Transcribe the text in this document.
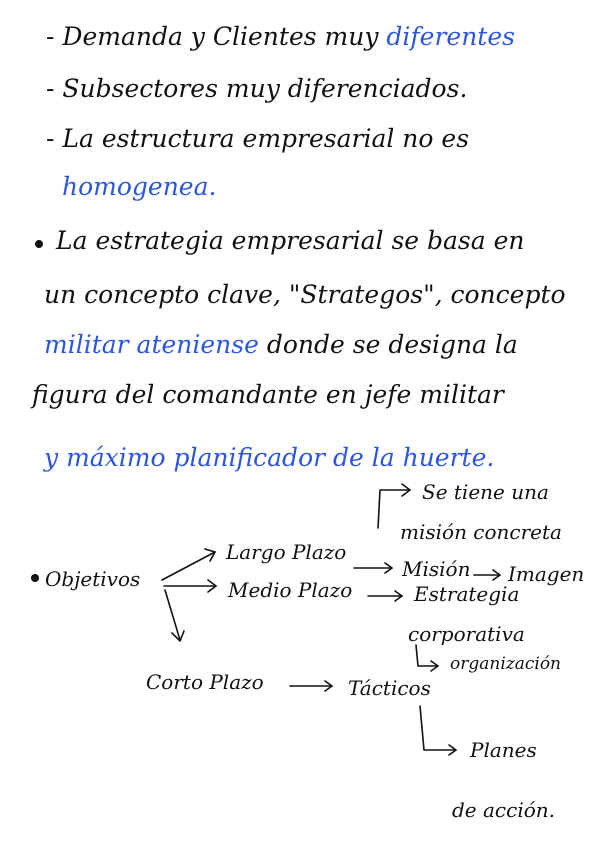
- Demanda y Clientes muy diferentes
- Subsectores muy diferenciados.
- La estructura empresarial no es
homogenea.
La estrategia empresarial se basa en
un concepto clave, "Strategos", concepto
militar ateniense donde se designa la
figura del comandante en jefe militar
y máximo planificador de la huerte.
Objetivos
Se tiene una
misión concreta
Largo Plazo
Misión Imagen
Medio Plazo	Estrategia
corporativa
organización
Corto Plazo	Tácticos
Planes
de acción.
